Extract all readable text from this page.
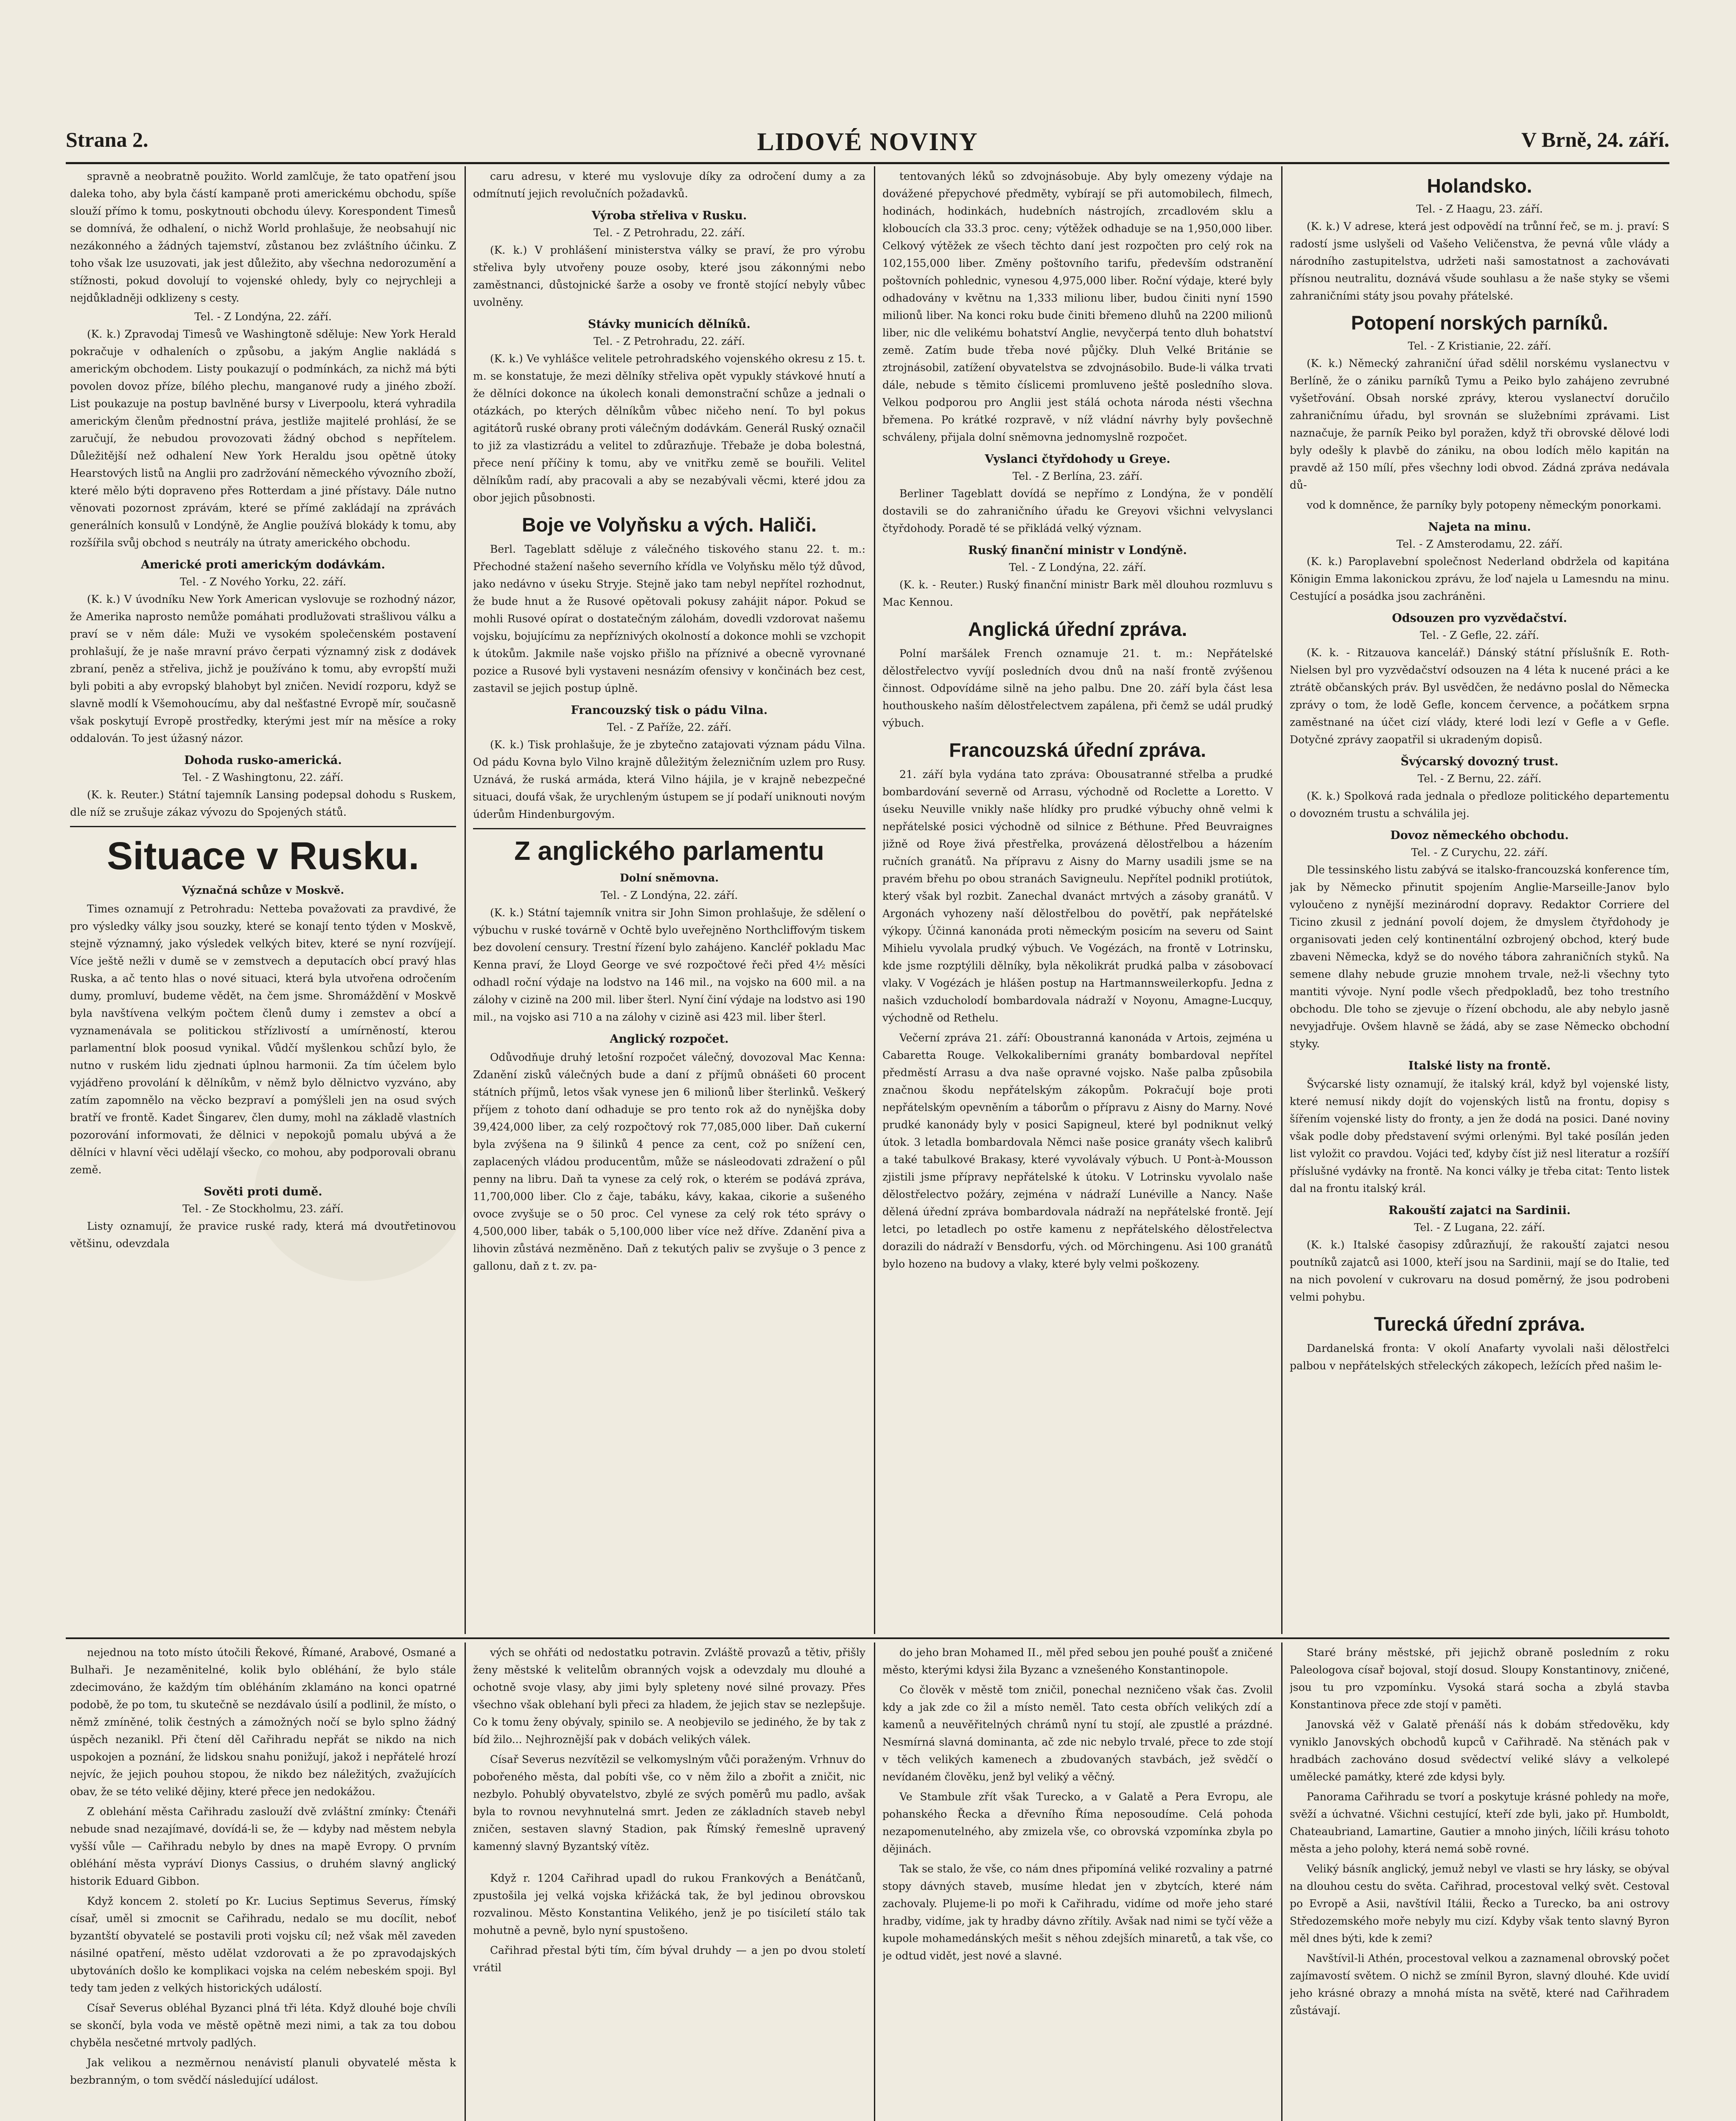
Strana 2.	LIDOVÉ NOVINY	V Brně, 24. září.

spravně a neobratně použito. World zamlčuje, že tato opatření jsou daleka toho, aby byla částí kampaně proti americkému obchodu, spíše slouží přímo k tomu, poskytnouti obchodu úlevy. Korespondent Timesů se domnívá, že odhalení, o nichž World prohlašuje, že neobsahují nic nezákonného a žádných tajemství, zůstanou bez zvláštního účinku. Z toho však lze usuzovati, jak jest důležito, aby všechna nedorozumění a stížnosti, pokud dovolují to vojenské ohledy, byly co nejrychleji a nejdůkladněji odklizeny s cesty.

Tel. - Z Londýna, 22. září.

(K. k.) Zpravodaj Timesů ve Washingtoně sděluje: New York Herald pokračuje v odhaleních o způsobu, a jakým Anglie nakládá s americkým obchodem. Listy poukazují o podmínkách, za nichž má býti povolen dovoz příze, bílého plechu, manganové rudy a jiného zboží. List poukazuje na postup bavlněné bursy v Liverpoolu, která vyhradila americkým členům přednostní práva, jestliže majitelé prohlásí, že se zaručují, že nebudou provozovati žádný obchod s nepřítelem. Důležitější než odhalení New York Heraldu jsou opětně útoky Hearstových listů na Anglii pro zadržování německého vývozního zboží, které mělo býti dopraveno přes Rotterdam a jiné přístavy. Dále nutno věnovati pozornost zprávám, které se přímé zakládají na zprávách generálních konsulů v Londýně, že Anglie používá blokády k tomu, aby rozšířila svůj obchod s neutrály na útraty amerického obchodu.

Americké proti americkým dodávkám.
Tel. - Z Nového Yorku, 22. září.

(K. k.) V úvodníku New York American vyslovuje se rozhodný názor, že Amerika naprosto nemůže pomáhati prodlužovati strašlivou válku a praví se v něm dále: Muži ve vysokém společenském postavení prohlašují, že je naše mravní právo čerpati významný zisk z dodávek zbraní, peněz a střeliva, jichž je používáno k tomu, aby evropští muži byli pobiti a aby evropský blahobyt byl zničen. Nevidí rozporu, když se slavně modlí k Všemohoucímu, aby dal nešťastné Evropě mír, současně však poskytují Evropě prostředky, kterými jest mír na měsíce a roky oddalován. To jest úžasný názor.

Dohoda rusko-americká.
Tel. - Z Washingtonu, 22. září.

(K. k. Reuter.) Státní tajemník Lansing podepsal dohodu s Ruskem, dle níž se zrušuje zákaz vývozu do Spojených států.

Situace v Rusku.
Význačná schůze v Moskvě.

Times oznamují z Petrohradu: Netteba považovati za pravdivé, že pro výsledky války jsou souzky, které se konají tento týden v Moskvě, stejně významný, jako výsledek velkých bitev, které se nyní rozvíjejí. Více ještě nežli v dumě se v zemstvech a deputacích obcí pravý hlas Ruska, a ač tento hlas o nové situaci, která byla utvořena odročením dumy, promluví, budeme vědět, na čem jsme. Shromáždění v Moskvě byla navštívena velkým počtem členů dumy i zemstev a obcí a vyznamenávala se politickou střízlivostí a umírněností, kterou parlamentní blok poosud vynikal. Vůdčí myšlenkou schůzí bylo, že nutno v ruském lidu zjednati úplnou harmonii. Za tím účelem bylo vyjádřeno provolání k dělníkům, v němž bylo dělnictvo vyzváno, aby zatím zapomnělo na věcko bezpraví a pomýšleli jen na osud svých bratří ve frontě. Kadet Šingarev, člen dumy, mohl na základě vlastních pozorování informovati, že dělnici v nepokojů pomalu ubývá a že dělníci v hlavní věci udělají všecko, co mohou, aby podporovali obranu země.

Sověti proti dumě.
Tel. - Ze Stockholmu, 23. září.

Listy oznamují, že pravice ruské rady, která má dvoutřetinovou většinu, odevzdala

caru adresu, v které mu vyslovuje díky za odročení dumy a za odmítnutí jejich revolučních požadavků.

Výroba střeliva v Rusku.
Tel. - Z Petrohradu, 22. září.

(K. k.) V prohlášení ministerstva války se praví, že pro výrobu střeliva byly utvořeny pouze osoby, které jsou zákonnými nebo zaměstnanci, důstojnické šarže a osoby ve frontě stojící nebyly vůbec uvolněny.

Stávky municích dělníků.
Tel. - Z Petrohradu, 22. září.

(K. k.) Ve vyhlášce velitele petrohradského vojenského okresu z 15. t. m. se konstatuje, že mezi dělníky střeliva opět vypukly stávkové hnutí a že dělníci dokonce na úkolech konali demonstrační schůze a jednali o otázkách, po kterých dělníkům vůbec ničeho není. To byl pokus agitátorů ruské obrany proti válečným dodávkám. Generál Ruský označil to již za vlastizrádu a velitel to zdůrazňuje. Třebaže je doba bolestná, přece není příčiny k tomu, aby ve vnitřku země se bouřili. Velitel dělníkům radí, aby pracovali a aby se nezabývali věcmi, které jdou za obor jejich působnosti.

Boje ve Volyňsku a vých. Haliči.

Berl. Tageblatt sděluje z válečného tiskového stanu 22. t. m.: Přechodné stažení našeho severního křídla ve Volyňsku mělo týž důvod, jako nedávno v úseku Stryje. Stejně jako tam nebyl nepřítel rozhodnut, že bude hnut a že Rusové opětovali pokusy zahájit nápor. Pokud se mohli Rusové opírat o dostatečným zálohám, dovedli vzdorovat našemu vojsku, bojujícímu za nepříznivých okolností a dokonce mohli se vzchopit k útokům. Jakmile naše vojsko přišlo na příznivé a obecně vyrovnané pozice a Rusové byli vystaveni nesnázím ofensivy v končinách bez cest, zastavil se jejich postup úplně.

Francouzský tisk o pádu Vilna.
Tel. - Z Paříže, 22. září.

(K. k.) Tisk prohlašuje, že je zbytečno zatajovati význam pádu Vilna. Od pádu Kovna bylo Vilno krajně důležitým železničním uzlem pro Rusy. Uznává, že ruská armáda, která Vilno hájila, je v krajně nebezpečné situaci, doufá však, že urychleným ústupem se jí podaří uniknouti novým úderům Hindenburgovým.

Z anglického parlamentu
Dolní sněmovna.
Tel. - Z Londýna, 22. září.

(K. k.) Státní tajemník vnitra sir John Simon prohlašuje, že sdělení o výbuchu v ruské továrně v Ochtě bylo uveřejněno Northcliffovým tiskem bez dovolení censury. Trestní řízení bylo zahájeno. Kancléř pokladu Mac Kenna praví, že Lloyd George ve své rozpočtové řeči před 4½ měsíci odhadl roční výdaje na lodstvo na 146 mil., na vojsko na 600 mil. a na zálohy v cizině na 200 mil. liber šterl. Nyní činí výdaje na lodstvo asi 190 mil., na vojsko asi 710 a na zálohy v cizině asi 423 mil. liber šterl.

Anglický rozpočet.

Odůvodňuje druhý letošní rozpočet válečný, dovozoval Mac Kenna: Zdanění zisků válečných bude a daní z příjmů obnášeti 60 procent státních příjmů, letos však vynese jen 6 milionů liber šterlinků. Veškerý příjem z tohoto daní odhaduje se pro tento rok až do nynějška doby 39,424,000 liber, za celý rozpočtový rok 77,085,000 liber. Daň cukerní byla zvýšena na 9 šilinků 4 pence za cent, což po snížení cen, zaplacených vládou producentům, může se násleodovati zdražení o půl penny na libru. Daň ta vynese za celý rok, o kterém se podává zpráva, 11,700,000 liber. Clo z čaje, tabáku, kávy, kakaa, cikorie a sušeného ovoce zvyšuje se o 50 proc. Cel vynese za celý rok této správy o 4,500,000 liber, tabák o 5,100,000 liber více než dříve. Zdanění piva a lihovin zůstává nezměněno. Daň z tekutých paliv se zvyšuje o 3 pence z gallonu, daň z t. zv. pa-

tentovaných léků so zdvojnásobuje. Aby byly omezeny výdaje na dovážené přepychové předměty, vybírají se při automobilech, filmech, hodinách, hodinkách, hudebních nástrojích, zrcadlovém sklu a kloboucích cla 33.3 proc. ceny; výtěžek odhaduje se na 1,950,000 liber. Celkový výtěžek ze všech těchto daní jest rozpočten pro celý rok na 102,155,000 liber. Změny poštovního tarifu, především odstranění poštovních pohlednic, vynesou 4,975,000 liber. Roční výdaje, které byly odhadovány v květnu na 1,333 milionu liber, budou činiti nyní 1590 milionů liber. Na konci roku bude činiti břemeno dluhů na 2200 milionů liber, nic dle velikému bohatství Anglie, nevyčerpá tento dluh bohatství země. Zatím bude třeba nové půjčky. Dluh Velké Británie se ztrojnásobil, zatížení obyvatelstva se zdvojnásobilo. Bude-li válka trvati dále, nebude s těmito číslicemi promluveno ještě posledního slova. Velkou podporou pro Anglii jest stálá ochota národa nésti všechna břemena. Po krátké rozpravě, v níž vládní návrhy byly povšechně schváleny, přijala dolní sněmovna jednomyslně rozpočet.

Vyslanci čtyřdohody u Greye.
Tel. - Z Berlína, 23. září.

Berliner Tageblatt dovídá se nepřímo z Londýna, že v pondělí dostavili se do zahraničního úřadu ke Greyovi všichni velvyslanci čtyřdohody. Poradě té se přikládá velký význam.

Ruský finanční ministr v Londýně.
Tel. - Z Londýna, 22. září.

(K. k. - Reuter.) Ruský finanční ministr Bark měl dlouhou rozmluvu s Mac Kennou.

Anglická úřední zpráva.

Polní maršálek French oznamuje 21. t. m.: Nepřátelské dělostřelectvo vyvíjí posledních dvou dnů na naší frontě zvýšenou činnost. Odpovídáme silně na jeho palbu. Dne 20. září byla část lesa houthouskeho naším dělostřelectvem zapálena, při čemž se udál prudký výbuch.

Francouzská úřední zpráva.

21. září byla vydána tato zpráva: Obousatranné střelba a prudké bombardování severně od Arrasu, východně od Roclette a Loretto. V úseku Neuville vnikly naše hlídky pro prudké výbuchy ohně velmi k nepřátelské posici východně od silnice z Béthune. Před Beuvraignes jižně od Roye živá přestřelka, provázená dělostřelbou a házením ručních granátů. Na přípravu z Aisny do Marny usadili jsme se na pravém břehu po obou stranách Savigneulu. Nepřítel podnikl protiútok, který však byl rozbit. Zanechal dvanáct mrtvých a zásoby granátů. V Argonách vyhozeny naší dělostřelbou do povětří, pak nepřátelské výkopy. Účinná kanonáda proti německým posicím na severu od Saint Mihielu vyvolala prudký výbuch. Ve Vogézách, na frontě v Lotrinsku, kde jsme rozptýlili dělníky, byla několikrát prudká palba v zásobovací vlaky. V Vogézách je hlášen postup na Hartmannsweilerkopfu. Jedna z našich vzducholodí bombardovala nádraží v Noyonu, Amagne-Lucquy, východně od Rethelu.

Večerní zpráva 21. září: Oboustranná kanonáda v Artois, zejména u Cabaretta Rouge. Velkokaliberními granáty bombardoval nepřítel předměstí Arrasu a dva naše opravné vojsko. Naše palba způsobila značnou škodu nepřátelským zákopům. Pokračují boje proti nepřátelským opevněním a táborům o přípravu z Aisny do Marny. Nové prudké kanonády byly v posici Sapigneul, které byl podniknut velký útok. 3 letadla bombardovala Němci naše posice granáty všech kalibrů a také tabulkové Brakasy, které vyvolávaly výbuch. U Pont-à-Mousson zjistili jsme přípravy nepřátelské k útoku. V Lotrinsku vyvolalo naše dělostřelectvo požáry, zejména v nádraží Lunéville a Nancy. Naše dělená úřední zpráva bombardovala nádraží na nepřátelské frontě. Její letci, po letadlech po ostře kamenu z nepřátelského dělostřelectva dorazili do nádraží v Bensdorfu, vých. od Mörchingenu. Asi 100 granátů bylo hozeno na budovy a vlaky, které byly velmi poškozeny.

Holandsko.
Tel. - Z Haagu, 23. září.

(K. k.) V adrese, která jest odpovědí na trůnní řeč, se m. j. praví: S radostí jsme uslyšeli od Vašeho Veličenstva, že pevná vůle vlády a národního zastupitelstva, udržeti naši samostatnost a zachovávati přísnou neutralitu, doznává všude souhlasu a že naše styky se všemi zahraničními státy jsou povahy přátelské.

Potopení norských parníků.
Tel. - Z Kristianie, 22. září.

(K. k.) Německý zahraniční úřad sdělil norskému vyslanectvu v Berlíně, že o zániku parníků Tymu a Peiko bylo zahájeno zevrubné vyšetřování. Obsah norské zprávy, kterou vyslanectví doručilo zahraničnímu úřadu, byl srovnán se služebními zprávami. List naznačuje, že parník Peiko byl poražen, když tři obrovské dělové lodi byly odešly k plavbě do zániku, na obou lodích mělo kapitán na pravdě až 150 mílí, přes všechny lodi obvod. Zádná zpráva nedávala dů-

vod k domněnce, že parníky byly potopeny německým ponorkami.

Najeta na minu.
Tel. - Z Amsterodamu, 22. září.

(K. k.) Paroplavební společnost Nederland obdržela od kapitána Königin Emma lakonickou zprávu, že loď najela u Lamesndu na minu. Cestující a posádka jsou zachráněni.

Odsouzen pro vyzvědačství.
Tel. - Z Gefle, 22. září.

(K. k. - Ritzauova kancelář.) Dánský státní příslušník E. Roth-Nielsen byl pro vyzvědačství odsouzen na 4 léta k nucené práci a ke ztrátě občanských práv. Byl usvědčen, že nedávno poslal do Německa zprávy o tom, že lodě Gefle, koncem července, a počátkem srpna zaměstnané na účet cizí vlády, které lodi lezí v Gefle a v Gefle. Dotyčné zprávy zaopatřil si ukradeným dopisů.

Švýcarský dovozný trust.
Tel. - Z Bernu, 22. září.

(K. k.) Spolková rada jednala o předloze politického departementu o dovozném trustu a schválila jej.

Dovoz německého obchodu.
Tel. - Z Curychu, 22. září.

Dle tessinského listu zabývá se italsko-francouzská konference tím, jak by Německo přinutit spojením Anglie-Marseille-Janov bylo vyloučeno z nynější mezinárodní dopravy. Redaktor Corriere del Ticino zkusil z jednání povolí dojem, že dmyslem čtyřdohody je organisovati jeden celý kontinentální ozbrojený obchod, který bude zbaveni Německa, když se do nového tábora zahraničních styků. Na semene dlahy nebude gruzie mnohem trvale, než-li všechny tyto mantiti vývoje. Nyní podle všech předpokladů, bez toho trestního obchodu. Dle toho se zjevuje o řízení obchodu, ale aby nebylo jasně nevyjadřuje. Ovšem hlavně se žádá, aby se zase Německo obchodní styky.

Italské listy na frontě.

Švýcarské listy oznamují, že italský král, když byl vojenské listy, které nemusí nikdy dojít do vojenských listů na frontu, dopisy s šířením vojenské listy do fronty, a jen že dodá na posici. Dané noviny však podle doby představení svými orlenými. Byl také posílán jeden list vyložit co pravdou. Vojáci teď, kdyby číst již nesl literatur a rozšíří příslušné vydávky na frontě. Na konci války je třeba citat: Tento listek dal na frontu italský král.

Rakouští zajatci na Sardinii.
Tel. - Z Lugana, 22. září.

(K. k.) Italské časopisy zdůrazňují, že rakouští zajatci nesou poutníků zajatců asi 1000, kteří jsou na Sardinii, mají se do Italie, teď na nich povolení v cukrovaru na dosud poměrný, že jsou podrobeni velmi pohybu.

Turecká úřední zpráva.

Dardanelská fronta: V okolí Anafarty vyvolali naši dělostřelci palbou v nepřátelských střeleckých zákopech, ležících před našim le-

nejednou na toto místo útočili Řekové, Římané, Arabové, Osmané a Bulhaři. Je nezaměnitelné, kolik bylo obléhání, že bylo stále zdecimováno, že každým tím obléháním zklamáno na konci opatrné podobě, že po tom, tu skutečně se nezdávalo úsilí a podlinil, že místo, o němž zmíněné, tolik čestných a zámožných nočí se bylo splno žádný úspěch nezanikl. Při čtení děl Cařihradu nepřát se nikdo na nich uspokojen a poznání, že lidskou snahu ponižují, jakož i nepřátelé hrozí nejvíc, že jejich pouhou stopou, že nikdo bez náležitých, zvažujících obav, že se této veliké dějiny, které přece jen nedokážou.

Z oblehání města Cařihradu zaslouží dvě zvláštní zmínky: Čtenáři nebude snad nezajímavé, dovídá-li se, že — kdyby nad městem nebyla vyšší vůle — Cařihradu nebylo by dnes na mapě Evropy. O prvním obléhání města vypráví Dionys Cassius, o druhém slavný anglický historik Eduard Gibbon.

Když koncem 2. století po Kr. Lucius Septimus Severus, římský císař, uměl si zmocnit se Cařihradu, nedalo se mu docílit, neboť byzantští obyvatelé se postavili proti vojsku cíl; než však měl zaveden násilné opatření, město udělat vzdorovati a že po zpravodajských ubytováních došlo ke komplikaci vojska na celém nebeském spoji. Byl tedy tam jeden z velkých historických událostí.

Císař Severus obléhal Byzanci plná tři léta. Když dlouhé boje chvíli se skončí, byla voda ve městě opětně mezi nimi, a tak za tou dobou chyběla nesčetné mrtvoly padlých.

Jak velikou a nezměrnou nenávistí planuli obyvatelé města k bezbranným, o tom svědčí následující událost.

vých se ohřáti od nedostatku potravin. Zvláště provazů a tětiv, přišly ženy městské k velitelům obranných vojsk a odevzdaly mu dlouhé a ochotně svoje vlasy, aby jimi byly spleteny nové silné provazy. Přes všechno však oblehaní byli přeci za hladem, že jejich stav se nezlepšuje. Co k tomu ženy obývaly, spinilo se. A neobjevilo se jediného, že by tak z bíd žilo... Nejhroznější pak v dobách velikých válek.

Císař Severus nezvítězil se velkomyslným vůči poraženým. Vrhnuv do pobořeného města, dal pobíti vše, co v něm žilo a zbořit a zničit, nic nezbylo. Pohublý obyvatelstvo, zbylé ze svých poměrů mu padlo, avšak byla to rovnou nevyhnutelná smrt. Jeden ze základních staveb nebyl zničen, sestaven slavný Stadion, pak Římský řemeslně upravený kamenný slavný Byzantský vítěz.

Když r. 1204 Cařihrad upadl do rukou Frankových a Benátčanů, zpustošila jej velká vojska křižácká tak, že byl jedinou obrovskou rozvalinou. Město Konstantina Velikého, jenž je po tisíciletí stálo tak mohutně a pevně, bylo nyní spustošeno.

Cařihrad přestal býti tím, čím býval druhdy — a jen po dvou století vrátil

do jeho bran Mohamed II., měl před sebou jen pouhé poušť a zničené město, kterými kdysi žila Byzanc a vznešeného Konstantinopole.

Co člověk v městě tom zničil, ponechal nezničeno však čas. Zvolil kdy a jak zde co žil a místo neměl. Tato cesta obřích velikých zdí a kamenů a neuvěřitelných chrámů nyní tu stojí, ale zpustlé a prázdné. Nesmírná slavná dominanta, ač zde nic nebylo trvalé, přece to zde stojí v těch velikých kamenech a zbudovaných stavbách, jež svědčí o nevídaném člověku, jenž byl veliký a věčný.

Ve Stambule zřít však Turecko, a v Galatě a Pera Evropu, ale pohanského Řecka a dřevního Říma neposoudíme. Celá pohoda nezapomenutelného, aby zmizela vše, co obrovská vzpomínka zbyla po dějinách.

Tak se stalo, že vše, co nám dnes připomíná veliké rozvaliny a patrné stopy dávných staveb, musíme hledat jen v zbytcích, které nám zachovaly. Plujeme-li po moři k Cařihradu, vidíme od moře jeho staré hradby, vidíme, jak ty hradby dávno zřítily. Avšak nad nimi se tyčí věže a kupole mohamedánských mešit s něhou zdejších minaretů, a tak vše, co je odtud vidět, jest nové a slavné.

Staré brány městské, při jejichž obraně posledním z roku Paleologova císař bojoval, stojí dosud. Sloupy Konstantinovy, zničené, jsou tu pro vzpomínku. Vysoká stará socha a zbylá stavba Konstantinova přece zde stojí v paměti.

Janovská věž v Galatě přenáší nás k dobám středověku, kdy vyniklo Janovských obchodů kupců v Cařihradě. Na stěnách pak v hradbách zachováno dosud svědectví veliké slávy a velkolepé umělecké památky, které zde kdysi byly.

Panorama Cařihradu se tvorí a poskytuje krásné pohledy na moře, svěží a úchvatné. Všichni cestující, kteří zde byli, jako př. Humboldt, Chateaubriand, Lamartine, Gautier a mnoho jiných, líčili krásu tohoto města a jeho polohy, která nemá sobě rovné.

Veliký básník anglický, jemuž nebyl ve vlasti se hry lásky, se obýval na dlouhou cestu do světa. Cařihrad, procestoval velký svět. Cestoval po Evropě a Asii, navštívil Itálii, Řecko a Turecko, ba ani ostrovy Středozemského moře nebyly mu cizí. Kdyby však tento slavný Byron měl dnes býti, kde k zemi?

Navštívil-li Athén, procestoval velkou a zaznamenal obrovský počet zajímavostí světem. O nichž se zmínil Byron, slavný dlouhé. Kde uvidí jeho krásné obrazy a mnohá místa na světě, které nad Cařihradem zůstávají.
